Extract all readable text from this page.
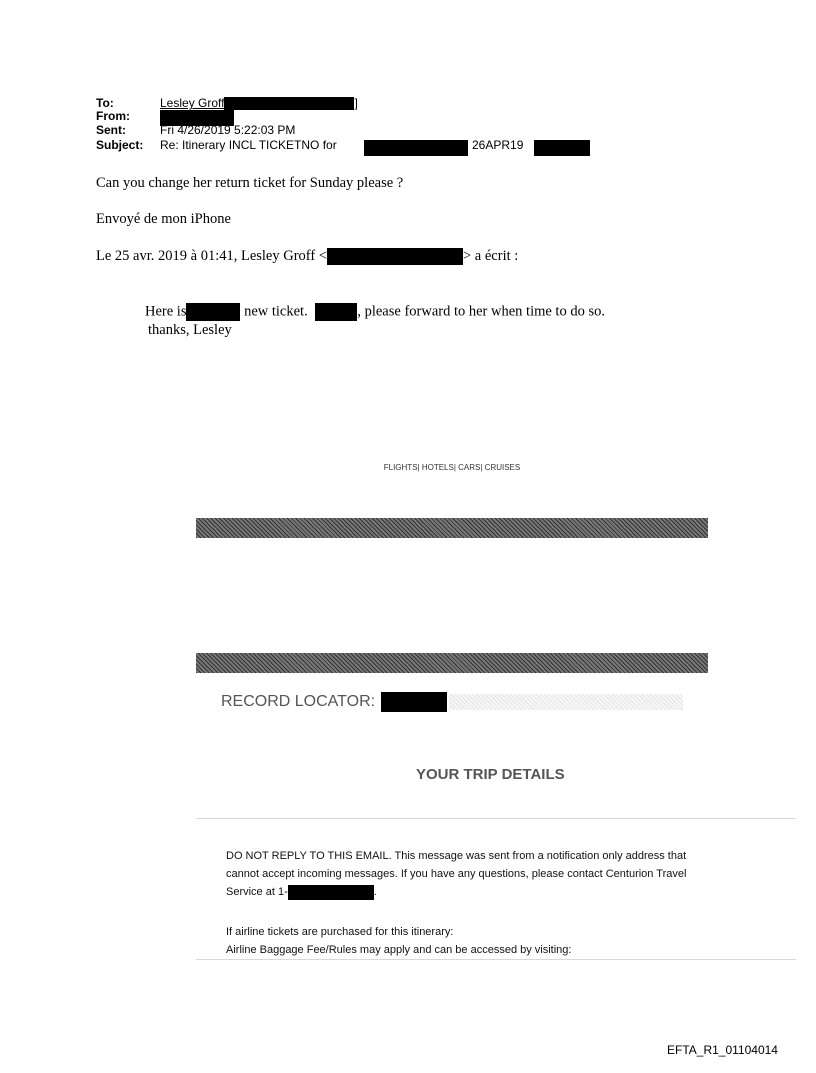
To:	Lesley Groff	]
From:
Sent:	Fri 4/26/2019 5:22:03 PM
Subject: Re: Itinerary INCL TICKETNO for	26APR19
Can you change her return ticket for Sunday please ?
Envoyé de mon iPhone
Le 25 avr. 2019 à 01:41, Lesley Groff <	> a écrit :
Here is	new ticket.	, please forward to her when time to do so.
thanks, Lesley
FLIGHTS| HOTELS| CARS| CRUISES
RECORD LOCATOR:
YOUR TRIP DETAILS
DO NOT REPLY TO THIS EMAIL. This message was sent from a notification only address that
cannot accept incoming messages. If you have any questions, please contact Centurion Travel
Service at 1-	.
If airline tickets are purchased for this itinerary:
Airline Baggage Fee/Rules may apply and can be accessed by visiting:
EFTA_R1_01104014
